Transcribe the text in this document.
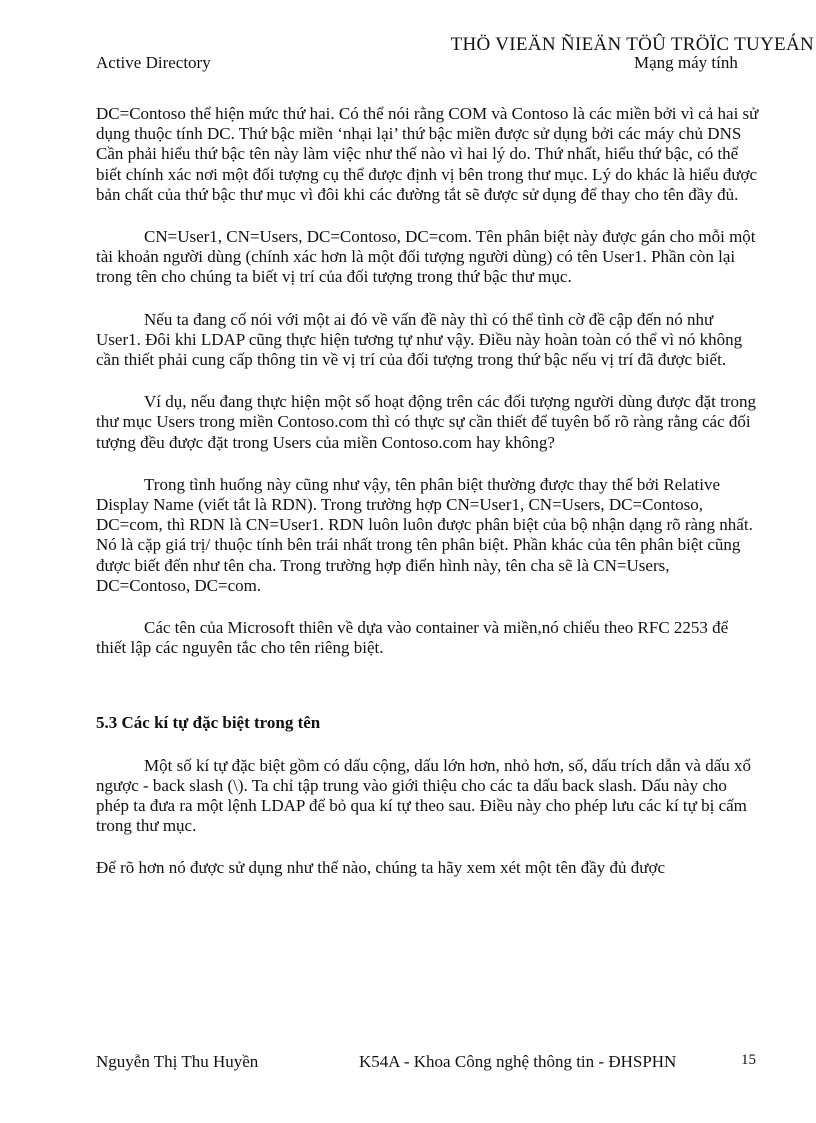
THÖ VIEÄN ÑIEÄN TÖÛ TRÖÏC TUYEÁN
Active Directory	Mạng máy tính

DC=Contoso thể hiện mức thứ hai. Có thể nói rằng COM và Contoso là các miền bởi vì cả hai sử dụng thuộc tính DC. Thứ bậc miền ‘nhại lại’ thứ bậc miền được sử dụng bởi các máy chủ DNS

Cần phải hiểu thứ bậc tên này làm việc như thế nào vì hai lý do. Thứ nhất, hiểu thứ bậc, có thể biết chính xác nơi một đối tượng cụ thể được định vị bên trong thư mục. Lý do khác là hiểu được bản chất của thứ bậc thư mục vì đôi khi các đường tắt sẽ được sử dụng để thay cho tên đầy đủ.

CN=User1, CN=Users, DC=Contoso, DC=com. Tên phân biệt này được gán cho mỗi một tài khoản người dùng (chính xác hơn là một đối tượng người dùng) có tên User1. Phần còn lại trong tên cho chúng ta biết vị trí của đối tượng trong thứ bậc thư mục.

Nếu ta đang cố nói với một ai đó về vấn đề này thì có thể tình cờ đề cập đến nó như User1. Đôi khi LDAP cũng thực hiện tương tự như vậy. Điều này hoàn toàn có thể vì nó không cần thiết phải cung cấp thông tin về vị trí của đối tượng trong thứ bậc nếu vị trí đã được biết.

Ví dụ, nếu đang thực hiện một số hoạt động trên các đối tượng người dùng được đặt trong thư mục Users trong miền Contoso.com thì có thực sự cần thiết để tuyên bố rõ ràng rằng các đối tượng đều được đặt trong Users của miền Contoso.com hay không?

Trong tình huống này cũng như vậy, tên phân biệt thường được thay thế bởi Relative Display Name (viết tắt là RDN). Trong trường hợp CN=User1, CN=Users, DC=Contoso, DC=com, thì RDN là CN=User1. RDN luôn luôn được phân biệt của bộ nhận dạng rõ ràng nhất. Nó là cặp giá trị/ thuộc tính bên trái nhất trong tên phân biệt. Phần khác của tên phân biệt cũng được biết đến như tên cha. Trong trường hợp điển hình này, tên cha sẽ là CN=Users, DC=Contoso, DC=com.

Các tên của Microsoft thiên về dựa vào container và miền,nó chiếu theo RFC 2253 để thiết lập các nguyên tắc cho tên riêng biệt.

5.3 Các kí tự đặc biệt trong tên

Một số kí tự đặc biệt gồm có dấu cộng, dấu lớn hơn, nhỏ hơn, số, dấu trích dẫn và dấu xổ ngược - back slash (\). Ta chỉ tập trung vào giới thiệu cho các ta dấu back slash. Dấu này cho phép ta đưa ra một lệnh LDAP để bỏ qua kí tự theo sau. Điều này cho phép lưu các kí tự bị cấm trong thư mục.

Để rõ hơn nó được sử dụng như thế nào, chúng ta hãy xem xét một tên đầy đủ được

Nguyễn Thị Thu Huyền	K54A - Khoa Công nghệ thông tin - ĐHSPHN	15
